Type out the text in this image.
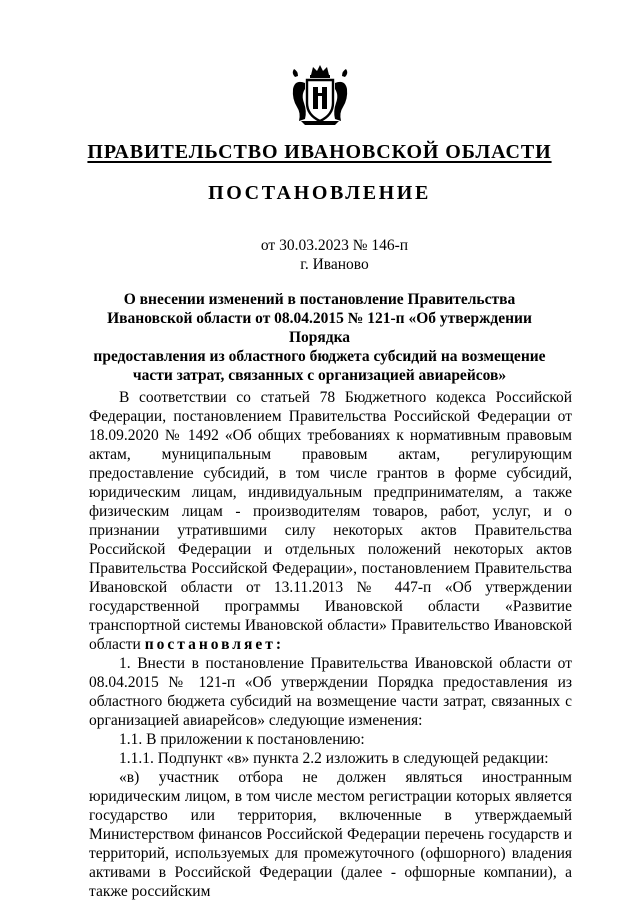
ПРАВИТЕЛЬСТВО ИВАНОВСКОЙ ОБЛАСТИ
ПОСТАНОВЛЕНИЕ
от 30.03.2023 № 146-п
г. Иваново
О внесении изменений в постановление Правительства
Ивановской области от 08.04.2015 № 121-п «Об утверждении Порядка
предоставления из областного бюджета субсидий на возмещение
части затрат, связанных с организацией авиарейсов»

В соответствии со статьей 78 Бюджетного кодекса Российской Федерации, постановлением Правительства Российской Федерации от 18.09.2020 № 1492 «Об общих требованиях к нормативным правовым актам, муниципальным правовым актам, регулирующим предоставление субсидий, в том числе грантов в форме субсидий, юридическим лицам, индивидуальным предпринимателям, а также физическим лицам - производителям товаров, работ, услуг, и о признании утратившими силу некоторых актов Правительства Российской Федерации и отдельных положений некоторых актов Правительства Российской Федерации», постановлением Правительства Ивановской области от 13.11.2013 № 447-п «Об утверждении государственной программы Ивановской области «Развитие транспортной системы Ивановской области» Правительство Ивановской области постановляет:

1. Внести в постановление Правительства Ивановской области от 08.04.2015 № 121-п «Об утверждении Порядка предоставления из областного бюджета субсидий на возмещение части затрат, связанных с организацией авиарейсов» следующие изменения:

1.1. В приложении к постановлению:

1.1.1. Подпункт «в» пункта 2.2 изложить в следующей редакции:

«в) участник отбора не должен являться иностранным юридическим лицом, в том числе местом регистрации которых является государство или территория, включенные в утверждаемый Министерством финансов Российской Федерации перечень государств и территорий, используемых для промежуточного (офшорного) владения активами в Российской Федерации (далее - офшорные компании), а также российским
